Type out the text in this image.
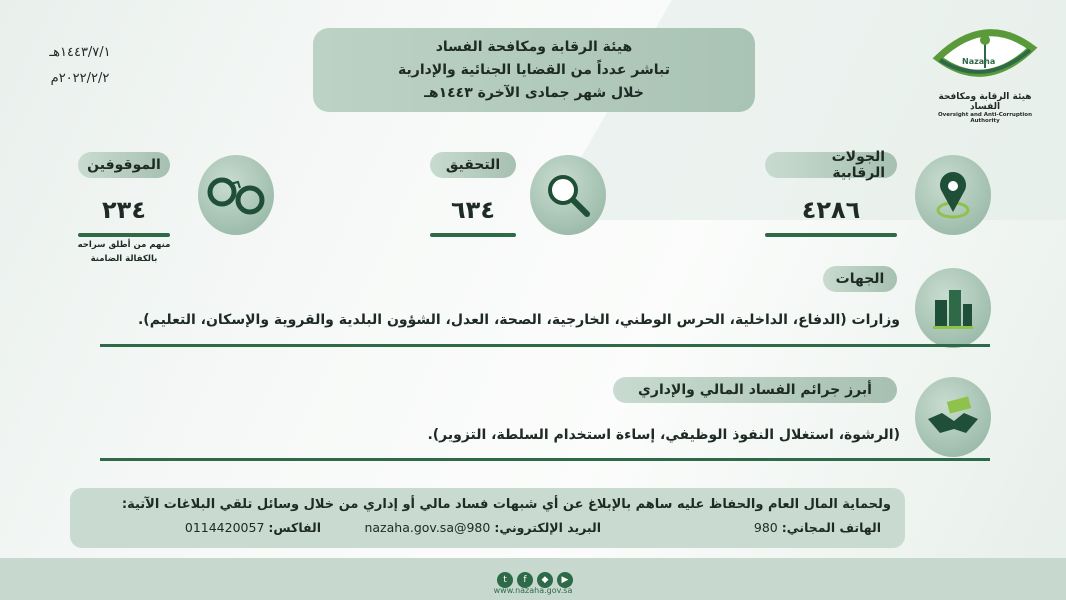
Nazaha
هيئة الرقابة ومكافحة الفساد
Oversight and Anti-Corruption Authority
هيئة الرقابة ومكافحة الفساد
تباشر عدداً من القضايا الجنائية والإدارية
خلال شهر جمادى الآخرة ١٤٤٣هـ
١٤٤٣/٧/١هـ
٢٠٢٢/٢/٢م
الجولات الرقابية
٤٢٨٦
التحقيق
٦٣٤
الموقوفين
٢٣٤
منهم من أطلق سراحه
بالكفالة الضامنة
الجهات
وزارات (الدفاع، الداخلية، الحرس الوطني، الخارجية، الصحة، العدل، الشؤون البلدية والقروية والإسكان، التعليم).
أبرز جرائم الفساد المالي والإداري
(الرشوة، استغلال النفوذ الوظيفي، إساءة استخدام السلطة، التزوير).
ولحماية المال العام والحفاظ عليه ساهم بالإبلاغ عن أي شبهات فساد مالي أو إداري من خلال وسائل تلقي البلاغات الآتية:
الهاتف المجاني: 980
البريد الإلكتروني: 980@nazaha.gov.sa
الفاكس: 0114420057
t f ◆ ▶
www.nazaha.gov.sa
